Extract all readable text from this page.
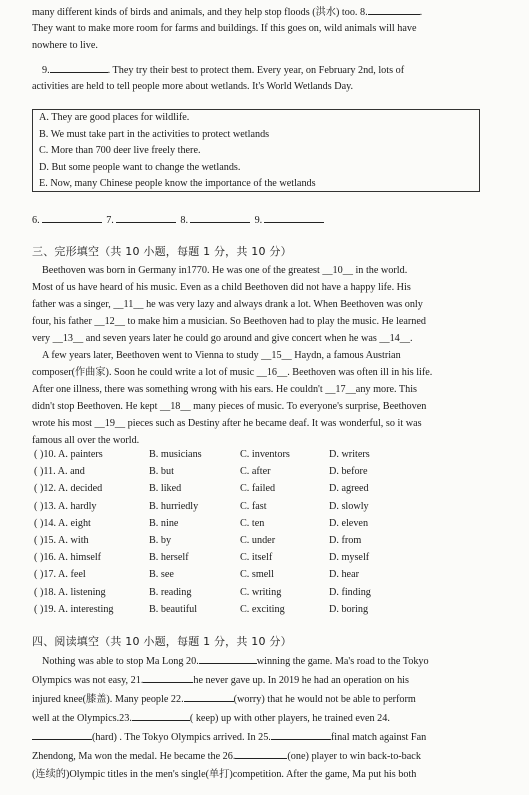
many different kinds of birds and animals, and they help stop floods (洪水) too. 8.	.

They want to make more room for farms and buildings. If this goes on, wild animals will have

nowhere to live.

9.	. They try their best to protect them. Every year, on February 2nd, lots of

activities are held to tell people more about wetlands. It's World Wetlands Day.

A. They are good places for wildlife.
B. We must take part in the activities to protect wetlands
C. More than 700 deer live freely there.
D. But some people want to change the wetlands.
E. Now, many Chinese people know the importance of the wetlands
6.	7.	8.	9.
三、完形填空（共 10 小题，每题 1 分，共 10 分）

Beethoven was born in Germany in1770. He was one of the greatest __10__ in the world.

Most of us have heard of his music. Even as a child Beethoven did not have a happy life. His

father was a singer, __11__ he was very lazy and always drank a lot. When Beethoven was only

four, his father __12__ to make him a musician. So Beethoven had to play the music. He learned

very __13__ and seven years later he could go around and give concert when he was __14__.

A few years later, Beethoven went to Vienna to study __15__ Haydn, a famous Austrian

composer(作曲家). Soon he could write a lot of music __16__. Beethoven was often ill in his life.

After one illness, there was something wrong with his ears. He couldn't __17__any more. This

didn't stop Beethoven. He kept __18__ many pieces of music. To everyone's surprise, Beethoven

wrote his most __19__ pieces such as Destiny after he became deaf. It was wonderful, so it was

famous all over the world.

( )10. A. painters	B. musicians	C. inventors	D. writers
( )11. A. and	B. but	C. after	D. before
( )12. A. decided	B. liked	C. failed	D. agreed
( )13. A. hardly	B. hurriedly	C. fast	D. slowly
( )14. A. eight	B. nine	C. ten	D. eleven
( )15. A. with	B. by	C. under	D. from
( )16. A. himself	B. herself	C. itself	D. myself
( )17. A. feel	B. see	C. smell	D. hear
( )18. A. listening	B. reading	C. writing	D. finding
( )19. A. interesting	B. beautiful	C. exciting	D. boring
四、阅读填空（共 10 小题，每题 1 分，共 10 分）

Nothing was able to stop Ma Long 20.	winning the game. Ma's road to the Tokyo

Olympics was not easy, 21.	he never gave up. In 2019 he had an operation on his

injured knee(膝盖). Many people 22.	(worry) that he would not be able to perform

well at the Olympics.23.	( keep) up with other players, he trained even 24.

(hard) . The Tokyo Olympics arrived. In 25.	final match against Fan

Zhendong, Ma won the medal. He became the 26.	(one) player to win back-to-back

(连续的)Olympic titles in the men's single(单打)competition. After the game, Ma put his both
